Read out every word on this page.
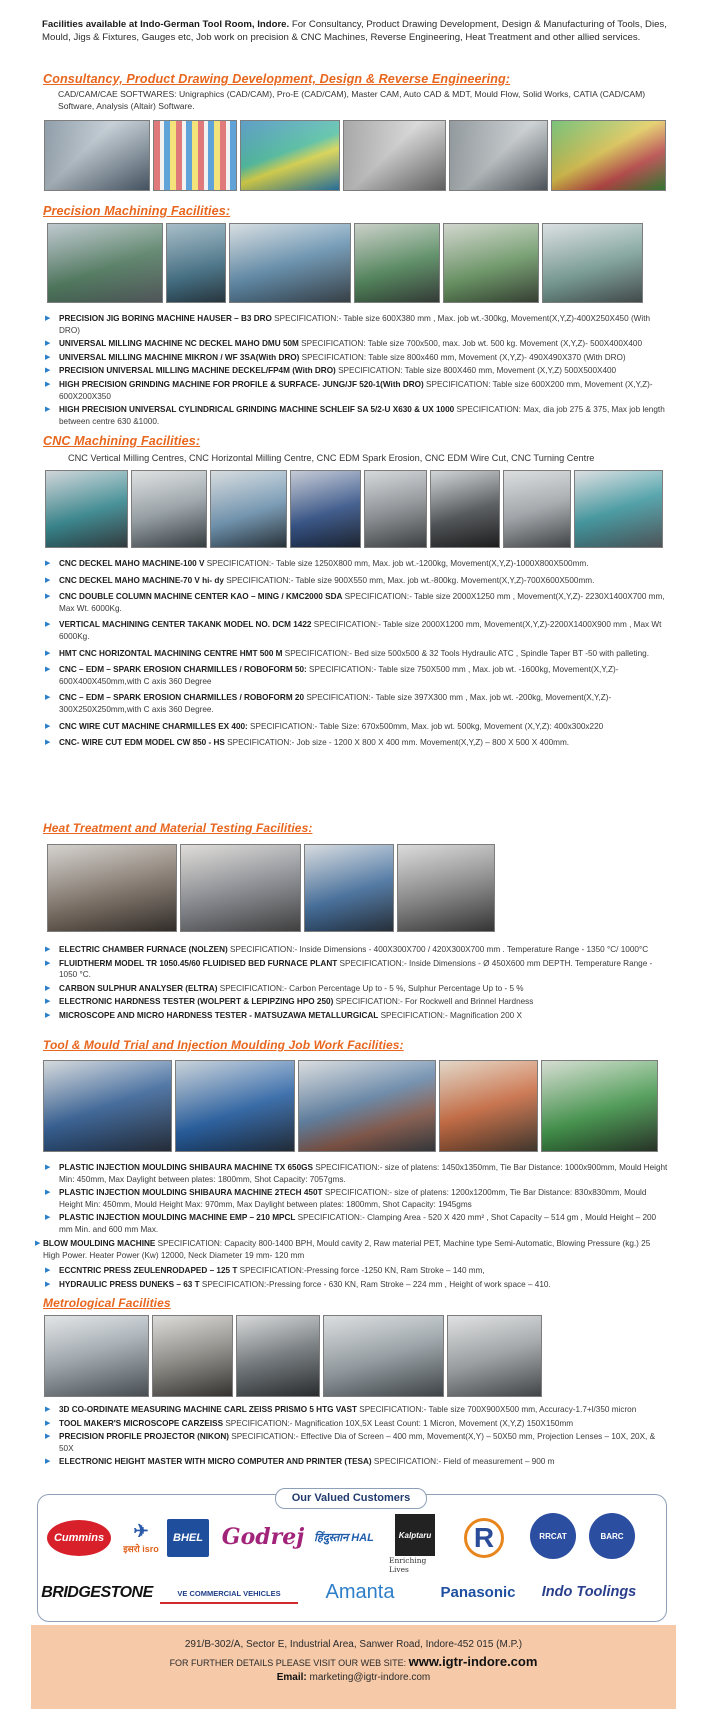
Facilities available at Indo-German Tool Room, Indore. For Consultancy, Product Drawing Development, Design & Manufacturing of Tools, Dies, Mould, Jigs & Fixtures, Gauges etc, Job work on precision & CNC Machines, Reverse Engineering, Heat Treatment and other allied services.
Consultancy, Product Drawing Development, Design & Reverse Engineering:
CAD/CAM/CAE SOFTWARES: Unigraphics (CAD/CAM), Pro-E (CAD/CAM), Master CAM, Auto CAD & MDT, Mould Flow, Solid Works, CATIA (CAD/CAM) Software, Analysis (Altair) Software.
Precision Machining Facilities:
▶ PRECISION JIG BORING MACHINE HAUSER – B3 DRO SPECIFICATION:- Table size 600X380 mm , Max. job wt.-300kg, Movement(X,Y,Z)-400X250X450 (With DRO)
▶ UNIVERSAL MILLING MACHINE NC DECKEL MAHO DMU 50M SPECIFICATION: Table size 700x500, max. Job wt. 500 kg. Movement (X,Y,Z)- 500X400X400
▶ UNIVERSAL MILLING MACHINE MIKRON / WF 3SA(With DRO) SPECIFICATION: Table size 800x460 mm, Movement (X,Y,Z)- 490X490X370 (With DRO)
▶ PRECISION UNIVERSAL MILLING MACHINE DECKEL/FP4M (With DRO) SPECIFICATION: Table size 800X460 mm, Movement (X,Y,Z) 500X500X400
▶ HIGH PRECISION GRINDING MACHINE FOR PROFILE & SURFACE- JUNG/JF 520-1(With DRO) SPECIFICATION: Table size 600X200 mm, Movement (X,Y,Z)- 600X200X350
▶ HIGH PRECISION UNIVERSAL CYLINDRICAL GRINDING MACHINE SCHLEIF SA 5/2-U X630 & UX 1000 SPECIFICATION: Max, dia job 275 & 375, Max job length between centre 630 &1000.
CNC Machining Facilities:
CNC Vertical Milling Centres, CNC Horizontal Milling Centre, CNC EDM Spark Erosion, CNC EDM Wire Cut, CNC Turning Centre
▶ CNC DECKEL MAHO MACHINE-100 V SPECIFICATION:- Table size 1250X800 mm, Max. job wt.-1200kg, Movement(X,Y,Z)-1000X800X500mm.
▶ CNC DECKEL MAHO MACHINE-70 V hi- dy SPECIFICATION:- Table size 900X550 mm, Max. job wt.-800kg. Movement(X,Y,Z)-700X600X500mm.
▶ CNC DOUBLE COLUMN MACHINE CENTER KAO – MING / KMC2000 SDA SPECIFICATION:- Table size 2000X1250 mm , Movement(X,Y,Z)- 2230X1400X700 mm, Max Wt. 6000Kg.
▶ VERTICAL MACHINING CENTER TAKANK MODEL NO. DCM 1422 SPECIFICATION:- Table size 2000X1200 mm, Movement(X,Y,Z)-2200X1400X900 mm , Max Wt 6000Kg.
▶ HMT CNC HORIZONTAL MACHINING CENTRE HMT 500 M SPECIFICATION:- Bed size 500x500 & 32 Tools Hydraulic ATC , Spindle Taper BT -50 with palleting.
▶ CNC – EDM – SPARK EROSION CHARMILLES / ROBOFORM 50: SPECIFICATION:- Table size 750X500 mm , Max. job wt. -1600kg, Movement(X,Y,Z)- 600X400X450mm,with C axis 360 Degree
▶ CNC – EDM – SPARK EROSION CHARMILLES / ROBOFORM 20 SPECIFICATION:- Table size 397X300 mm , Max. job wt. -200kg, Movement(X,Y,Z)- 300X250X250mm,with C axis 360 Degree.
▶ CNC WIRE CUT MACHINE CHARMILLES EX 400: SPECIFICATION:- Table Size: 670x500mm, Max. job wt. 500kg, Movement (X,Y,Z): 400x300x220
▶ CNC- WIRE CUT EDM MODEL CW 850 - HS SPECIFICATION:- Job size - 1200 X 800 X 400 mm. Movement(X,Y,Z) – 800 X 500 X 400mm.
Heat Treatment and Material Testing Facilities:
▶ ELECTRIC CHAMBER FURNACE (NOLZEN) SPECIFICATION:- Inside Dimensions - 400X300X700 / 420X300X700 mm . Temperature Range - 1350 °C/ 1000°C
▶ FLUIDTHERM MODEL TR 1050.45/60 FLUIDISED BED FURNACE PLANT SPECIFICATION:- Inside Dimensions - Ø 450X600 mm DEPTH. Temperature Range - 1050 °C.
▶ CARBON SULPHUR ANALYSER (ELTRA) SPECIFICATION:- Carbon Percentage Up to - 5 %, Sulphur Percentage Up to - 5 %
▶ ELECTRONIC HARDNESS TESTER (WOLPERT & LEPIPZING HPO 250) SPECIFICATION:- For Rockwell and Brinnel Hardness
▶ MICROSCOPE AND MICRO HARDNESS TESTER - MATSUZAWA METALLURGICAL SPECIFICATION:- Magnification 200 X
Tool & Mould Trial and Injection Moulding Job Work Facilities:
▶ PLASTIC INJECTION MOULDING SHIBAURA MACHINE TX 650GS SPECIFICATION:- size of platens: 1450x1350mm, Tie Bar Distance: 1000x900mm, Mould Height Min: 450mm, Max Daylight between plates: 1800mm, Shot Capacity: 7057gms.
▶ PLASTIC INJECTION MOULDING SHIBAURA MACHINE 2TECH 450T SPECIFICATION:- size of platens: 1200x1200mm, Tie Bar Distance: 830x830mm, Mould Height Min: 450mm, Mould Height Max: 970mm, Max Daylight between plates: 1800mm, Shot Capacity: 1945gms
▶ PLASTIC INJECTION MOULDING MACHINE EMP – 210 MPCL SPECIFICATION:- Clamping Area - 520 X 420 mm² , Shot Capacity – 514 gm , Mould Height – 200 mm Min. and 600 mm Max.
▶ BLOW MOULDING MACHINE SPECIFICATION: Capacity 800-1400 BPH, Mould cavity 2, Raw material PET, Machine type Semi-Automatic, Blowing Pressure (kg.) 25 High Power. Heater Power (Kw) 12000, Neck Diameter 19 mm- 120 mm
▶ ECCNTRIC PRESS ZEULENRODAPED – 125 T SPECIFICATION:-Pressing force -1250 KN, Ram Stroke – 140 mm,
▶ HYDRAULIC PRESS DUNEKS – 63 T SPECIFICATION:-Pressing force - 630 KN, Ram Stroke – 224 mm , Height of work space – 410.
Metrological Facilities
▶ 3D CO-ORDINATE MEASURING MACHINE CARL ZEISS PRISMO 5 HTG VAST SPECIFICATION:- Table size 700X900X500 mm, Accuracy-1.7+l/350 micron
▶ TOOL MAKER'S MICROSCOPE CARZEISS SPECIFICATION:- Magnification 10X,5X Least Count: 1 Micron, Movement (X,Y,Z) 150X150mm
▶ PRECISION PROFILE PROJECTOR (NIKON) SPECIFICATION:- Effective Dia of Screen – 400 mm, Movement(X,Y) – 50X50 mm, Projection Lenses – 10X, 20X, & 50X
▶ ELECTRONIC HEIGHT MASTER WITH MICRO COMPUTER AND PRINTER (TESA) SPECIFICATION:- Field of measurement – 900 m
Our Valued Customers
Cummins ✈
इसरो isro
BHEL Godrej हिंदुस्तान HAL	Kalptaru
Enriching Lives
R	RRCAT	BARC
BRIDGESTONE	VE COMMERCIAL VEHICLES Amanta	Panasonic Indo Toolings
291/B-302/A, Sector E, Industrial Area, Sanwer Road, Indore-452 015 (M.P.)
FOR FURTHER DETAILS PLEASE VISIT OUR WEB SITE: www.igtr-indore.com
Email: marketing@igtr-indore.com
